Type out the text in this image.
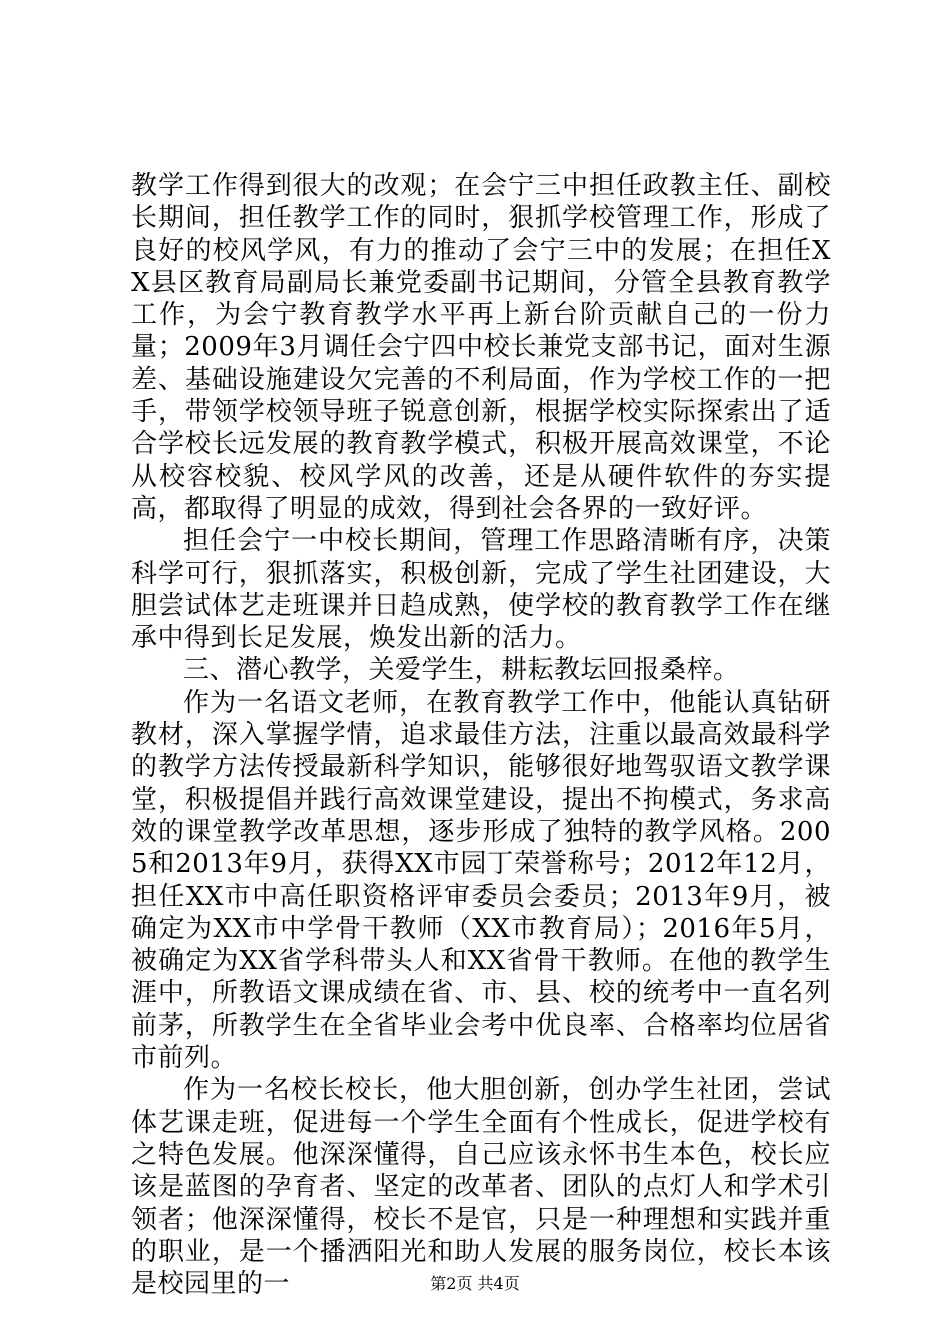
教学工作得到很大的改观；在会宁三中担任政教主任、副校长期间，担任教学工作的同时，狠抓学校管理工作，形成了良好的校风学风，有力的推动了会宁三中的发展；在担任XX县区教育局副局长兼党委副书记期间，分管全县教育教学工作，为会宁教育教学水平再上新台阶贡献自己的一份力量；2009年3月调任会宁四中校长兼党支部书记，面对生源差、基础设施建设欠完善的不利局面，作为学校工作的一把手，带领学校领导班子锐意创新，根据学校实际探索出了适合学校长远发展的教育教学模式，积极开展高效课堂，不论从校容校貌、校风学风的改善，还是从硬件软件的夯实提高，都取得了明显的成效，得到社会各界的一致好评。

担任会宁一中校长期间，管理工作思路清晰有序，决策科学可行，狠抓落实，积极创新，完成了学生社团建设，大胆尝试体艺走班课并日趋成熟，使学校的教育教学工作在继承中得到长足发展，焕发出新的活力。

三、潜心教学，关爱学生，耕耘教坛回报桑梓。

作为一名语文老师，在教育教学工作中，他能认真钻研教材，深入掌握学情，追求最佳方法，注重以最高效最科学的教学方法传授最新科学知识，能够很好地驾驭语文教学课堂，积极提倡并践行高效课堂建设，提出不拘模式，务求高效的课堂教学改革思想，逐步形成了独特的教学风格。2005和2013年9月，获得XX市园丁荣誉称号；2012年12月，担任XX市中高任职资格评审委员会委员；2013年9月，被确定为XX市中学骨干教师（XX市教育局）；2016年5月，被确定为XX省学科带头人和XX省骨干教师。在他的教学生涯中，所教语文课成绩在省、市、县、校的统考中一直名列前茅，所教学生在全省毕业会考中优良率、合格率均位居省市前列。

作为一名校长校长，他大胆创新，创办学生社团，尝试体艺课走班，促进每一个学生全面有个性成长，促进学校有之特色发展。他深深懂得，自己应该永怀书生本色，校长应该是蓝图的孕育者、坚定的改革者、团队的点灯人和学术引领者；他深深懂得，校长不是官，只是一种理想和实践并重的职业，是一个播洒阳光和助人发展的服务岗位，校长本该是校园里的一	第2页 共4页
